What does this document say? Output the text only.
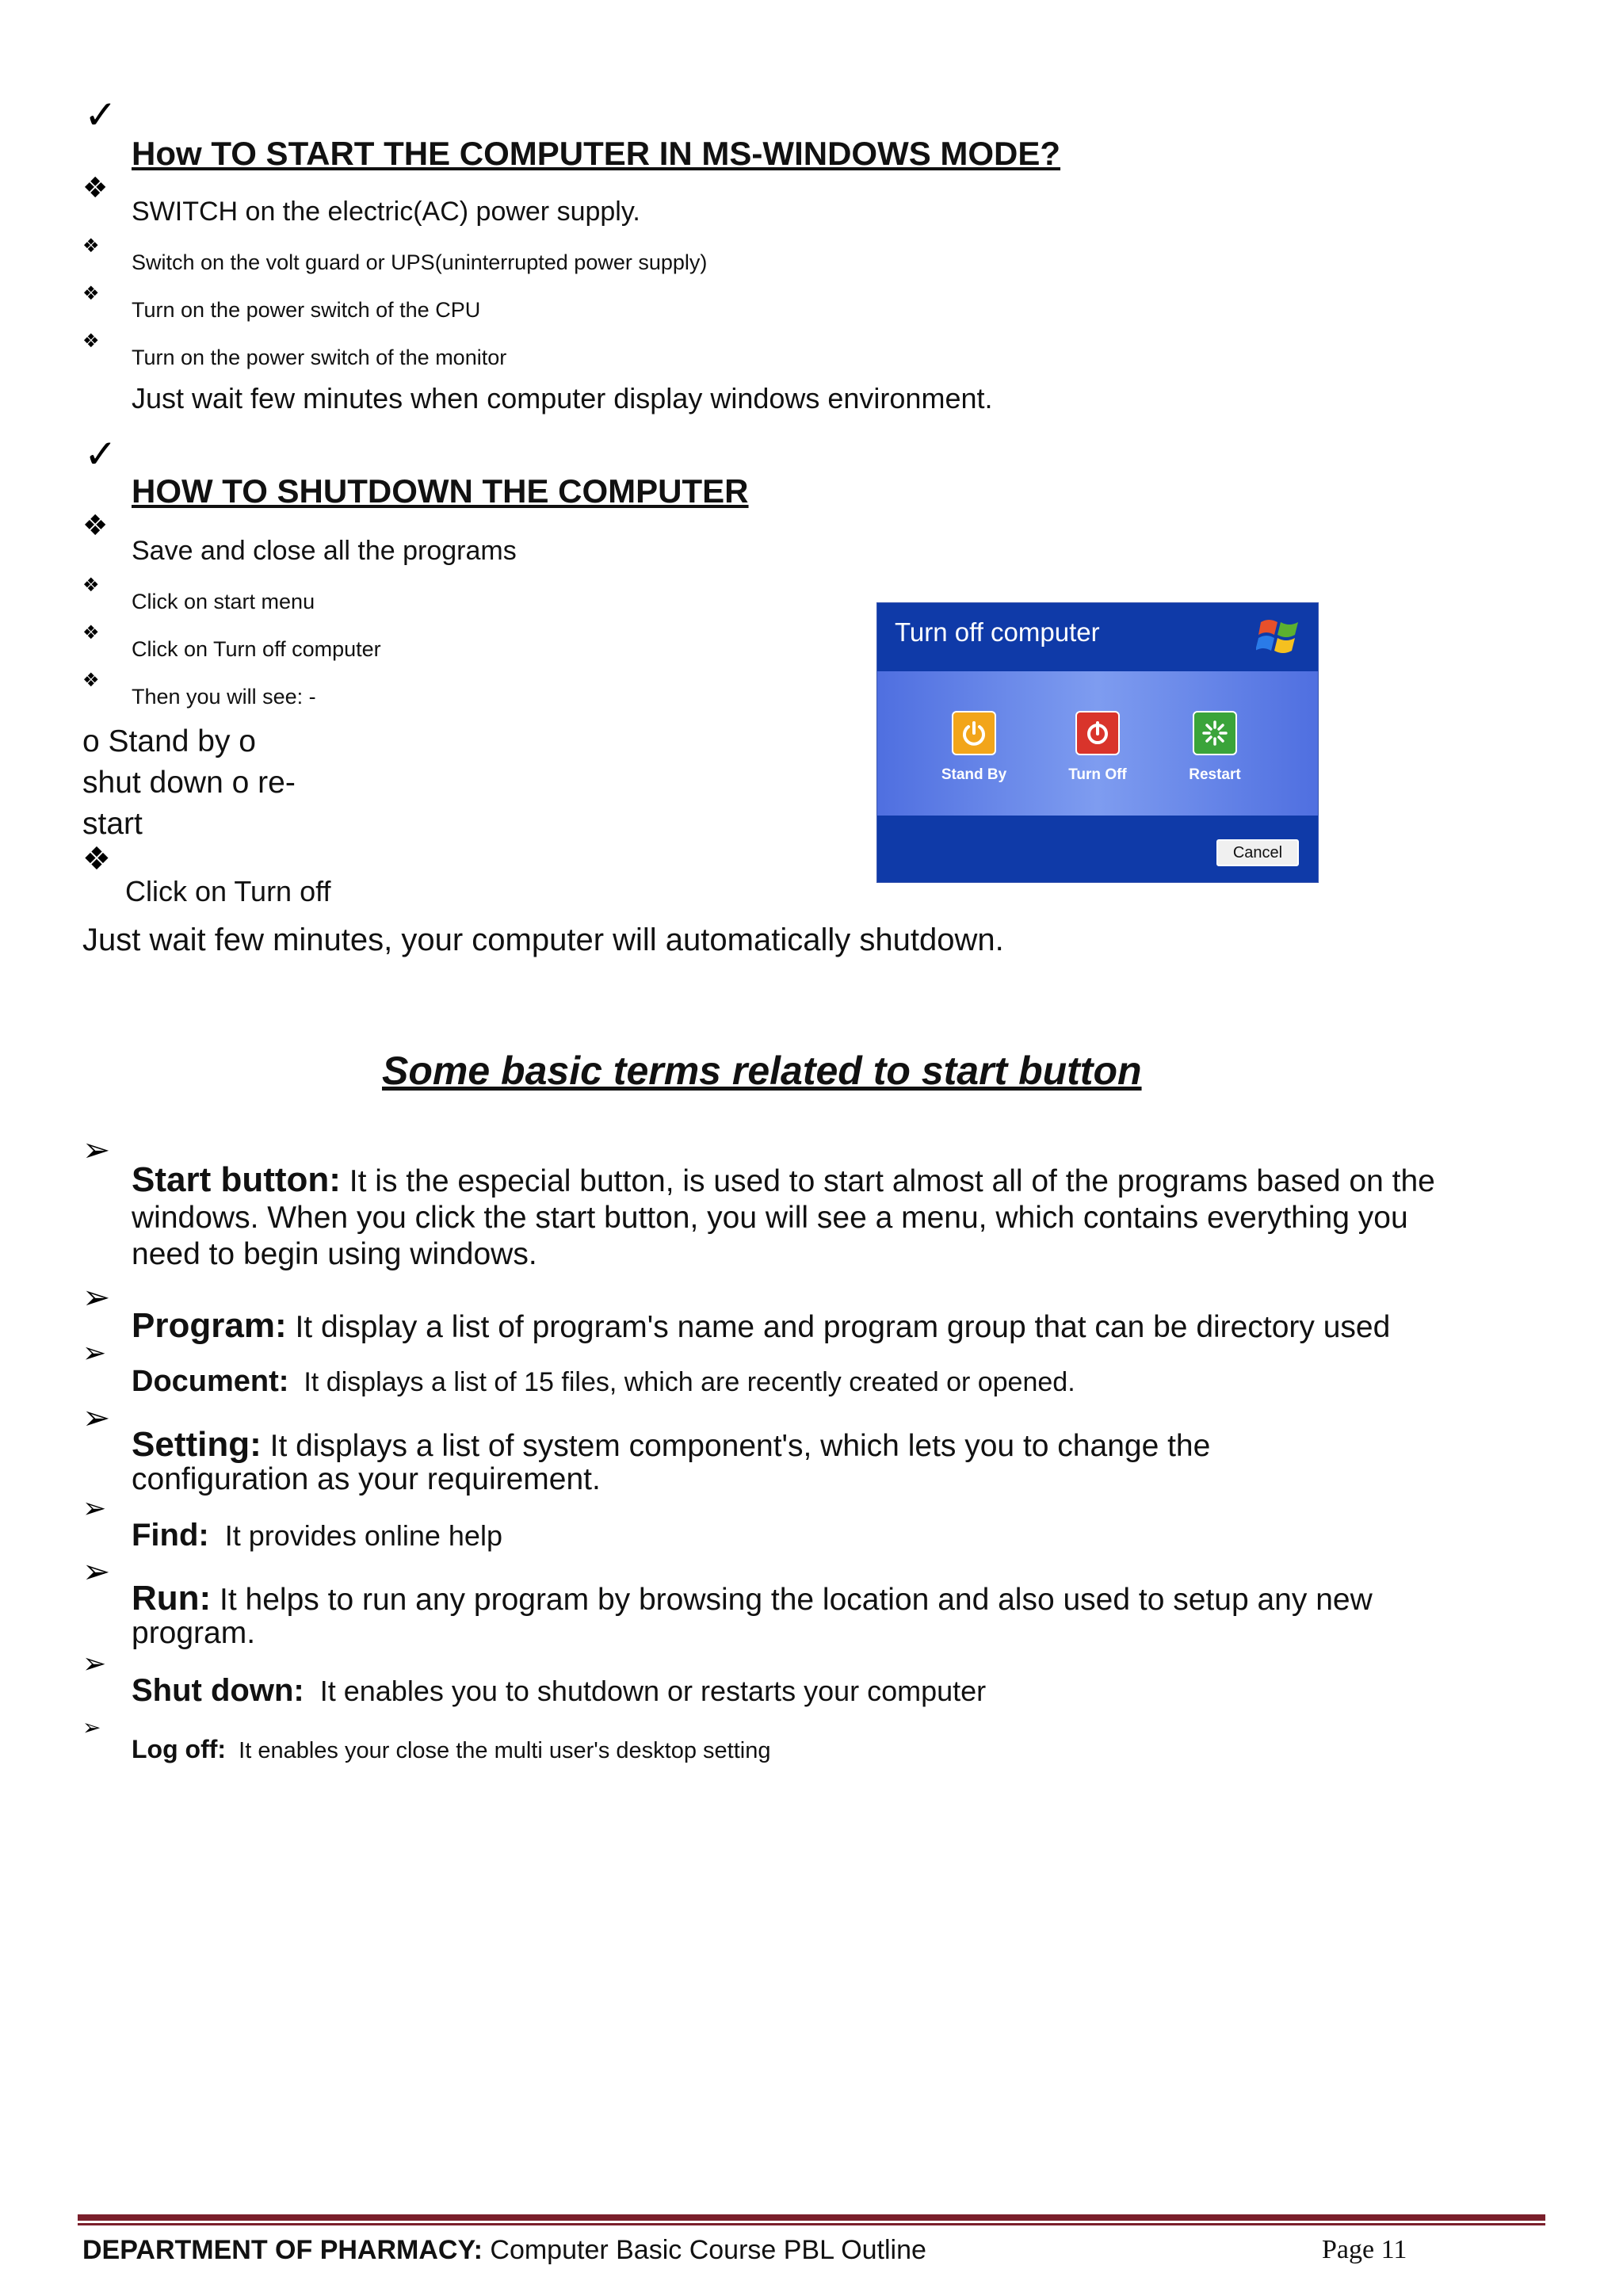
✓
How TO START THE COMPUTER IN MS-WINDOWS MODE?
❖
SWITCH on the electric(AC) power supply.
❖
Switch on the volt guard or UPS(uninterrupted power supply)
❖
Turn on the power switch of the CPU
❖
Turn on the power switch of the monitor
Just wait few minutes when computer display windows environment.
✓
HOW TO SHUTDOWN THE COMPUTER
❖
Save and close all the programs
❖
Click on start menu
❖
Click on Turn off computer
❖
Then you will see: -
o Stand by o
shut down o re-
start
❖
Click on Turn off
Just wait few minutes, your computer will automatically shutdown.
Turn off computer
Stand By	Turn Off	Restart
Cancel
Some basic terms related to start button
➢
Start button: It is the especial button, is used to start almost all of the programs based on the
windows. When you click the start button, you will see a menu, which contains everything you
need to begin using windows.
➢
Program: It display a list of program's name and program group that can be directory used
➢
Document: It displays a list of 15 files, which are recently created or opened.
➢
Setting: It displays a list of system component's, which lets you to change the
configuration as your requirement.
➢
Find: It provides online help
➢
Run: It helps to run any program by browsing the location and also used to setup any new
program.
➢
Shut down: It enables you to shutdown or restarts your computer
➢
Log off: It enables your close the multi user's desktop setting
DEPARTMENT OF PHARMACY: Computer Basic Course PBL Outline	Page 11
